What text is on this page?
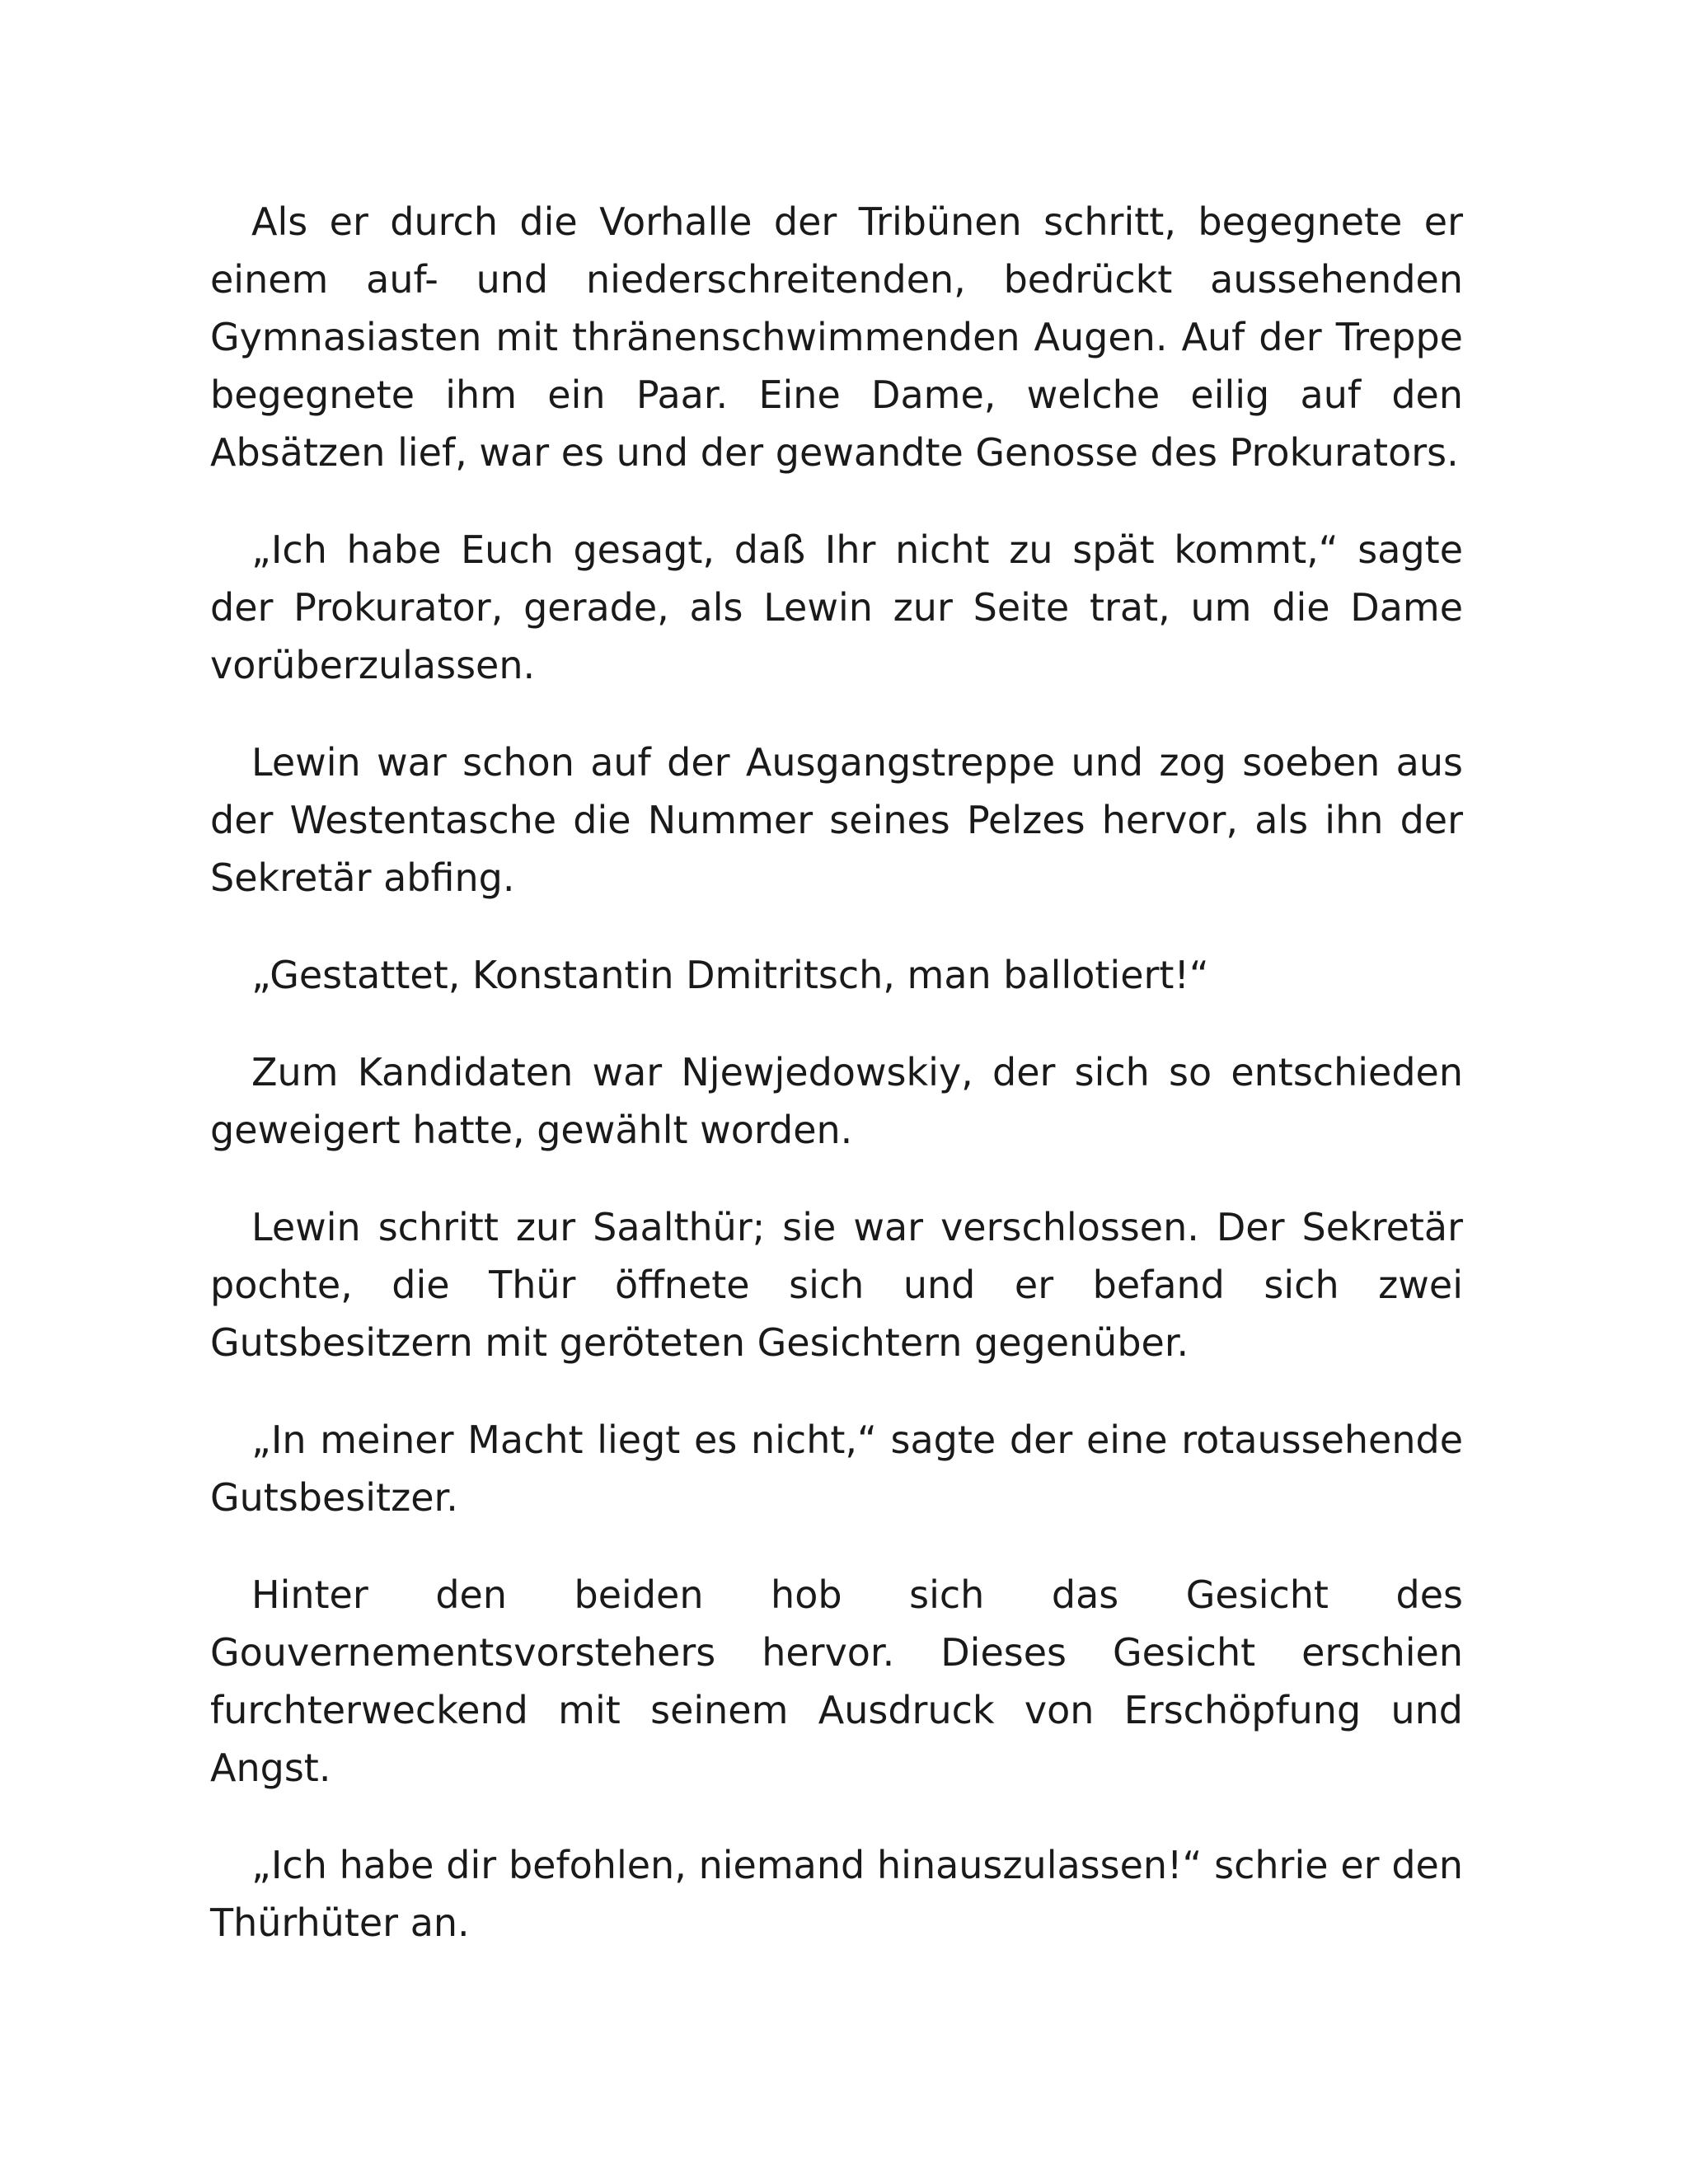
Als er durch die Vorhalle der Tribünen schritt, begegnete er einem auf- und niederschreitenden, bedrückt aussehenden Gymnasiasten mit thränenschwimmenden Augen. Auf der Treppe begegnete ihm ein Paar. Eine Dame, welche eilig auf den Absätzen lief, war es und der gewandte Genosse des Prokurators.

„Ich habe Euch gesagt, daß Ihr nicht zu spät kommt,“ sagte der Prokurator, gerade, als Lewin zur Seite trat, um die Dame vorüberzulassen.

Lewin war schon auf der Ausgangstreppe und zog soeben aus der Westentasche die Nummer seines Pelzes hervor, als ihn der Sekretär abfing.

„Gestattet, Konstantin Dmitritsch, man ballotiert!“

Zum Kandidaten war Njewjedowskiy, der sich so entschieden geweigert hatte, gewählt worden.

Lewin schritt zur Saalthür; sie war verschlossen. Der Sekretär pochte, die Thür öffnete sich und er befand sich zwei Gutsbesitzern mit geröteten Gesichtern gegenüber.

„In meiner Macht liegt es nicht,“ sagte der eine rotaussehende Gutsbesitzer.

Hinter den beiden hob sich das Gesicht des Gouvernementsvorstehers hervor. Dieses Gesicht erschien furchterweckend mit seinem Ausdruck von Erschöpfung und Angst.

„Ich habe dir befohlen, niemand hinauszulassen!“ schrie er den Thürhüter an.
